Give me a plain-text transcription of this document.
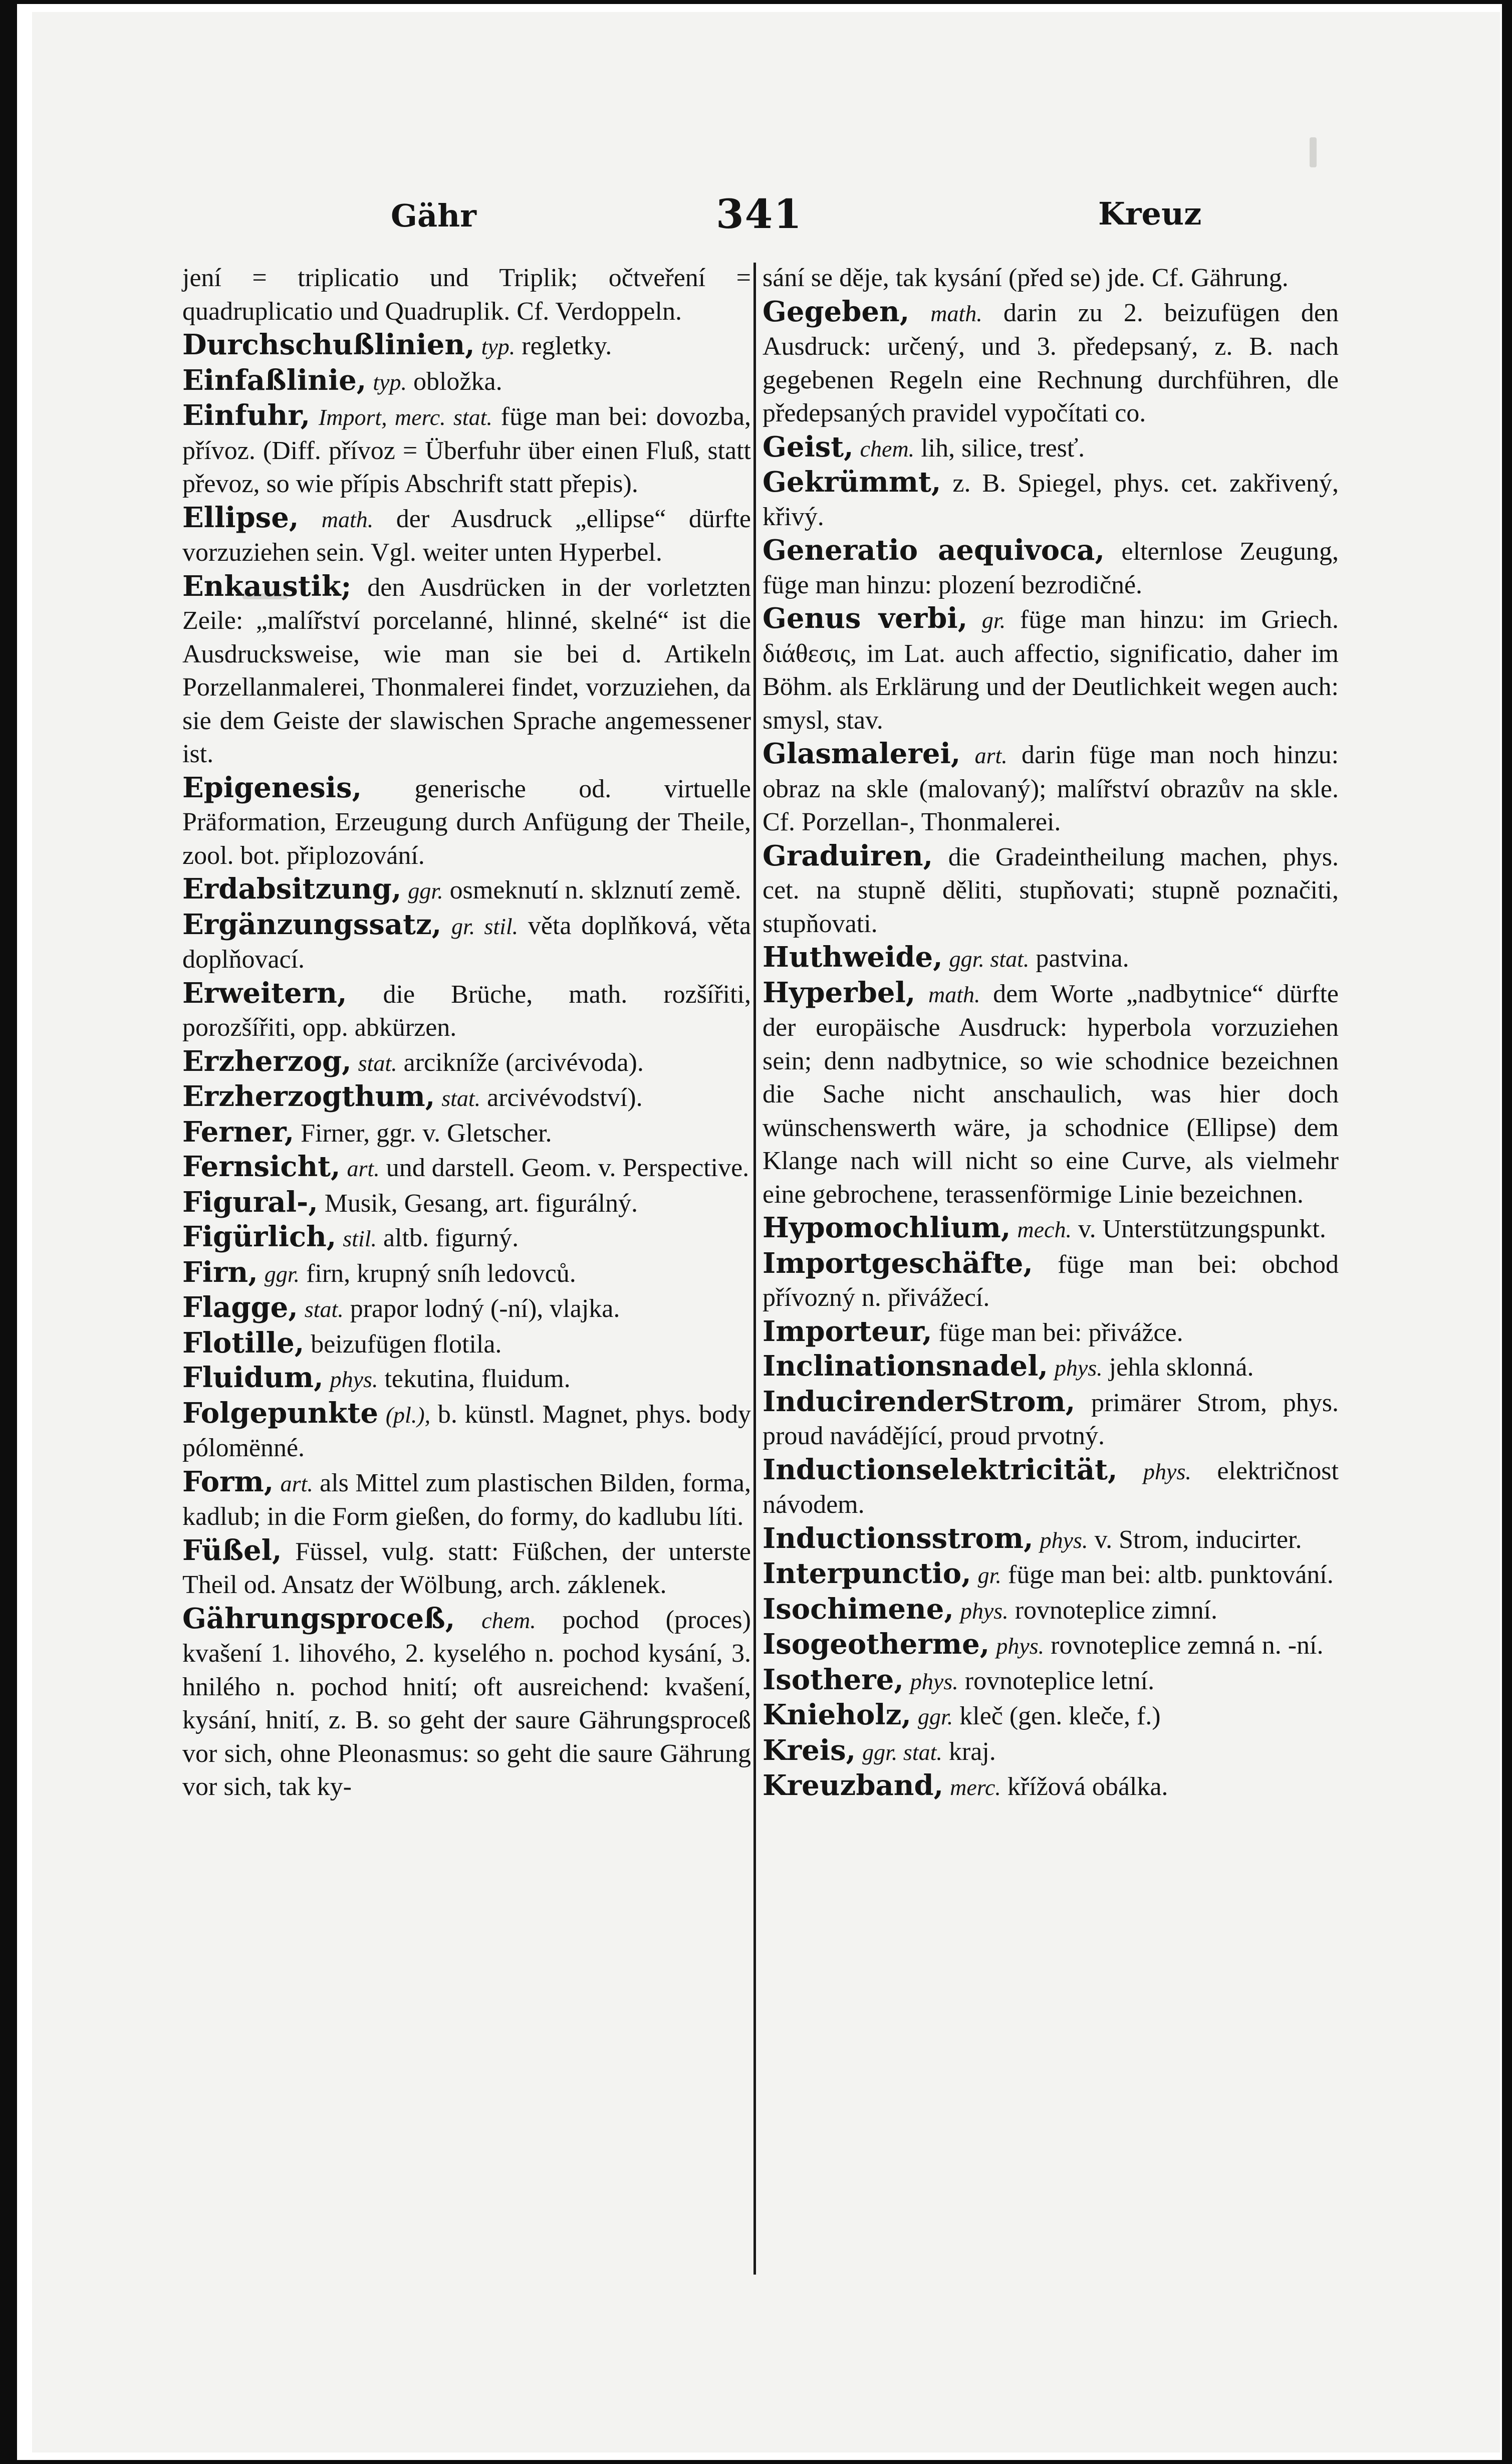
Gähr	341	Kreuz

jení = triplicatio und Triplik; očtveření = quadruplicatio und Quadruplik. Cf. Verdoppeln.

Durchschußlinien, typ. regletky.

Einfaßlinie, typ. obložka.

Einfuhr, Import, merc. stat. füge man bei: dovozba, přívoz. (Diff. přívoz = Überfuhr über einen Fluß, statt převoz, so wie přípis Abschrift statt přepis).

Ellipse, math. der Ausdruck „ellipse“ dürfte vorzuziehen sein. Vgl. weiter unten Hyperbel.

Enkaustik; den Ausdrücken in der vorletzten Zeile: „malířství porcelanné, hlinné, skelné“ ist die Ausdrucksweise, wie man sie bei d. Artikeln Porzellanmalerei, Thonmalerei findet, vorzuziehen, da sie dem Geiste der slawischen Sprache angemessener ist.

Epigenesis, generische od. virtuelle Präformation, Erzeugung durch Anfügung der Theile, zool. bot. připlozování.

Erdabsitzung, ggr. osmeknutí n. sklznutí země.

Ergänzungssatz, gr. stil. věta doplňková, věta doplňovací.

Erweitern, die Brüche, math. rozšířiti, porozšířiti, opp. abkürzen.

Erzherzog, stat. arcikníže (arcivévoda).

Erzherzogthum, stat. arcivévodství).

Ferner, Firner, ggr. v. Gletscher.

Fernsicht, art. und darstell. Geom. v. Perspective.

Figural-, Musik, Gesang, art. figurálný.

Figürlich, stil. altb. figurný.

Firn, ggr. firn, krupný sníh ledovců.

Flagge, stat. prapor lodný (-ní), vlajka.

Flotille, beizufügen flotila.

Fluidum, phys. tekutina, fluidum.

Folgepunkte (pl.), b. künstl. Magnet, phys. body pólomënné.

Form, art. als Mittel zum plastischen Bilden, forma, kadlub; in die Form gießen, do formy, do kadlubu líti.

Füßel, Füssel, vulg. statt: Füßchen, der unterste Theil od. Ansatz der Wölbung, arch. záklenek.

Gährungsproceß, chem. pochod (proces) kvašení 1. lihového, 2. kyselého n. pochod kysání, 3. hnilého n. pochod hnití; oft ausreichend: kvašení, kysání, hnití, z. B. so geht der saure Gährungsproceß vor sich, ohne Pleonasmus: so geht die saure Gährung vor sich, tak ky-

sání se děje, tak kysání (před se) jde. Cf. Gährung.

Gegeben, math. darin zu 2. beizufügen den Ausdruck: určený, und 3. předepsaný, z. B. nach gegebenen Regeln eine Rechnung durchführen, dle předepsaných pravidel vypočítati co.

Geist, chem. lih, silice, tresť.

Gekrümmt, z. B. Spiegel, phys. cet. zakřivený, křivý.

Generatio aequivoca, elternlose Zeugung, füge man hinzu: plození bezrodičné.

Genus verbi, gr. füge man hinzu: im Griech. διάθεσις, im Lat. auch affectio, significatio, daher im Böhm. als Erklärung und der Deutlichkeit wegen auch: smysl, stav.

Glasmalerei, art. darin füge man noch hinzu: obraz na skle (malovaný); malířství obrazův na skle. Cf. Porzellan-, Thonmalerei.

Graduiren, die Gradeintheilung machen, phys. cet. na stupně děliti, stupňovati; stupně poznačiti, stupňovati.

Huthweide, ggr. stat. pastvina.

Hyperbel, math. dem Worte „nadbytnice“ dürfte der europäische Ausdruck: hyperbola vorzuziehen sein; denn nadbytnice, so wie schodnice bezeichnen die Sache nicht anschaulich, was hier doch wünschenswerth wäre, ja schodnice (Ellipse) dem Klange nach will nicht so eine Curve, als vielmehr eine gebrochene, terassenförmige Linie bezeichnen.

Hypomochlium, mech. v. Unterstützungspunkt.

Importgeschäfte, füge man bei: obchod přívozný n. přivážecí.

Importeur, füge man bei: přivážce.

Inclinationsnadel, phys. jehla sklonná.

InducirenderStrom, primärer Strom, phys. proud navádějící, proud prvotný.

Inductionselektricität, phys. električnost návodem.

Inductionsstrom, phys. v. Strom, inducirter.

Interpunctio, gr. füge man bei: altb. punktování.

Isochimene, phys. rovnoteplice zimní.

Isogeotherme, phys. rovnoteplice zemná n. -ní.

Isothere, phys. rovnoteplice letní.

Knieholz, ggr. kleč (gen. kleče, f.)

Kreis, ggr. stat. kraj.

Kreuzband, merc. křížová obálka.
